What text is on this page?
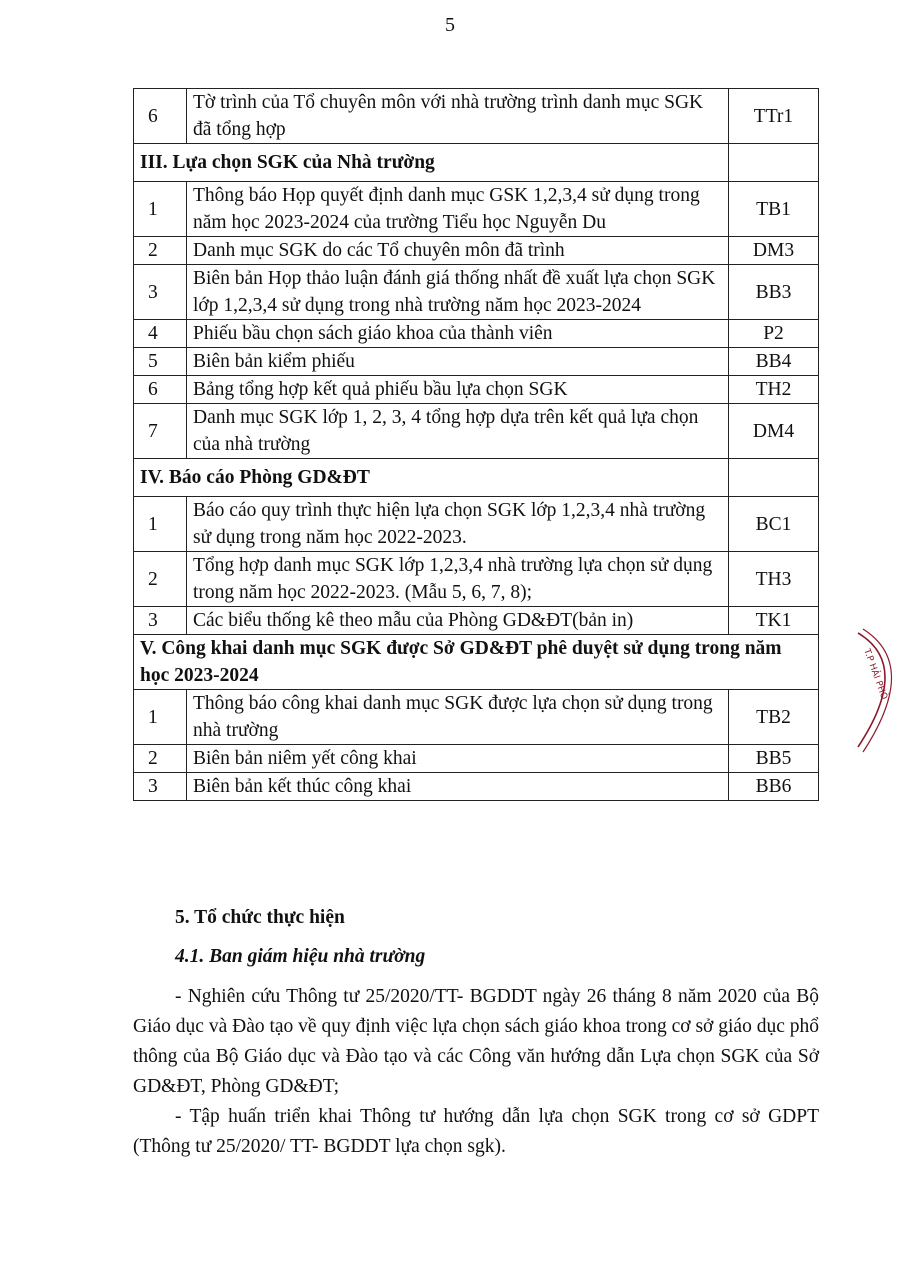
5
6	Tờ trình của Tổ chuyên môn với nhà trường trình danh mục SGK đã tổng hợp	TTr1
III. Lựa chọn SGK của Nhà trường		
1	Thông báo Họp quyết định danh mục GSK 1,2,3,4 sử dụng trong năm học 2023-2024 của trường Tiểu học Nguyễn Du	TB1
2	Danh mục SGK do các Tổ chuyên môn đã trình	DM3
3	Biên bản Họp thảo luận đánh giá thống nhất đề xuất lựa chọn SGK lớp 1,2,3,4 sử dụng trong nhà trường năm học 2023-2024	BB3
4	Phiếu bầu chọn sách giáo khoa của thành viên	P2
5	Biên bản kiểm phiếu	BB4
6	Bảng tổng hợp kết quả phiếu bầu lựa chọn SGK	TH2
7	Danh mục SGK lớp 1, 2, 3, 4 tổng hợp dựa trên kết quả lựa chọn của nhà trường	DM4
IV. Báo cáo Phòng GD&ĐT		
1	Báo cáo quy trình thực hiện lựa chọn SGK lớp 1,2,3,4 nhà trường sử dụng trong năm học 2022-2023.	BC1
2	Tổng hợp danh mục SGK lớp 1,2,3,4 nhà trường lựa chọn sử dụng trong năm học 2022-2023. (Mẫu 5, 6, 7, 8);	TH3
3	Các biểu thống kê theo mẫu của Phòng GD&ĐT(bản in)	TK1
V. Công khai danh mục SGK được Sở GD&ĐT phê duyệt sử dụng trong năm học 2023-2024		
1	Thông báo công khai danh mục SGK được lựa chọn sử dụng trong nhà trường	TB2
2	Biên bản niêm yết công khai	BB5
3	Biên bản kết thúc công khai	BB6
5. Tổ chức thực hiện
4.1. Ban giám hiệu nhà trường
- Nghiên cứu Thông tư 25/2020/TT- BGDDT ngày 26 tháng 8 năm 2020 của Bộ Giáo dục và Đào tạo về quy định việc lựa chọn sách giáo khoa trong cơ sở giáo dục phổ thông của Bộ Giáo dục và Đào tạo và các Công văn hướng dẫn Lựa chọn SGK của Sở GD&ĐT, Phòng GD&ĐT;
- Tập huấn triển khai Thông tư hướng dẫn lựa chọn SGK trong cơ sở GDPT (Thông tư 25/2020/ TT- BGDDT lựa chọn sgk).
T.P HẢI PHÒ
